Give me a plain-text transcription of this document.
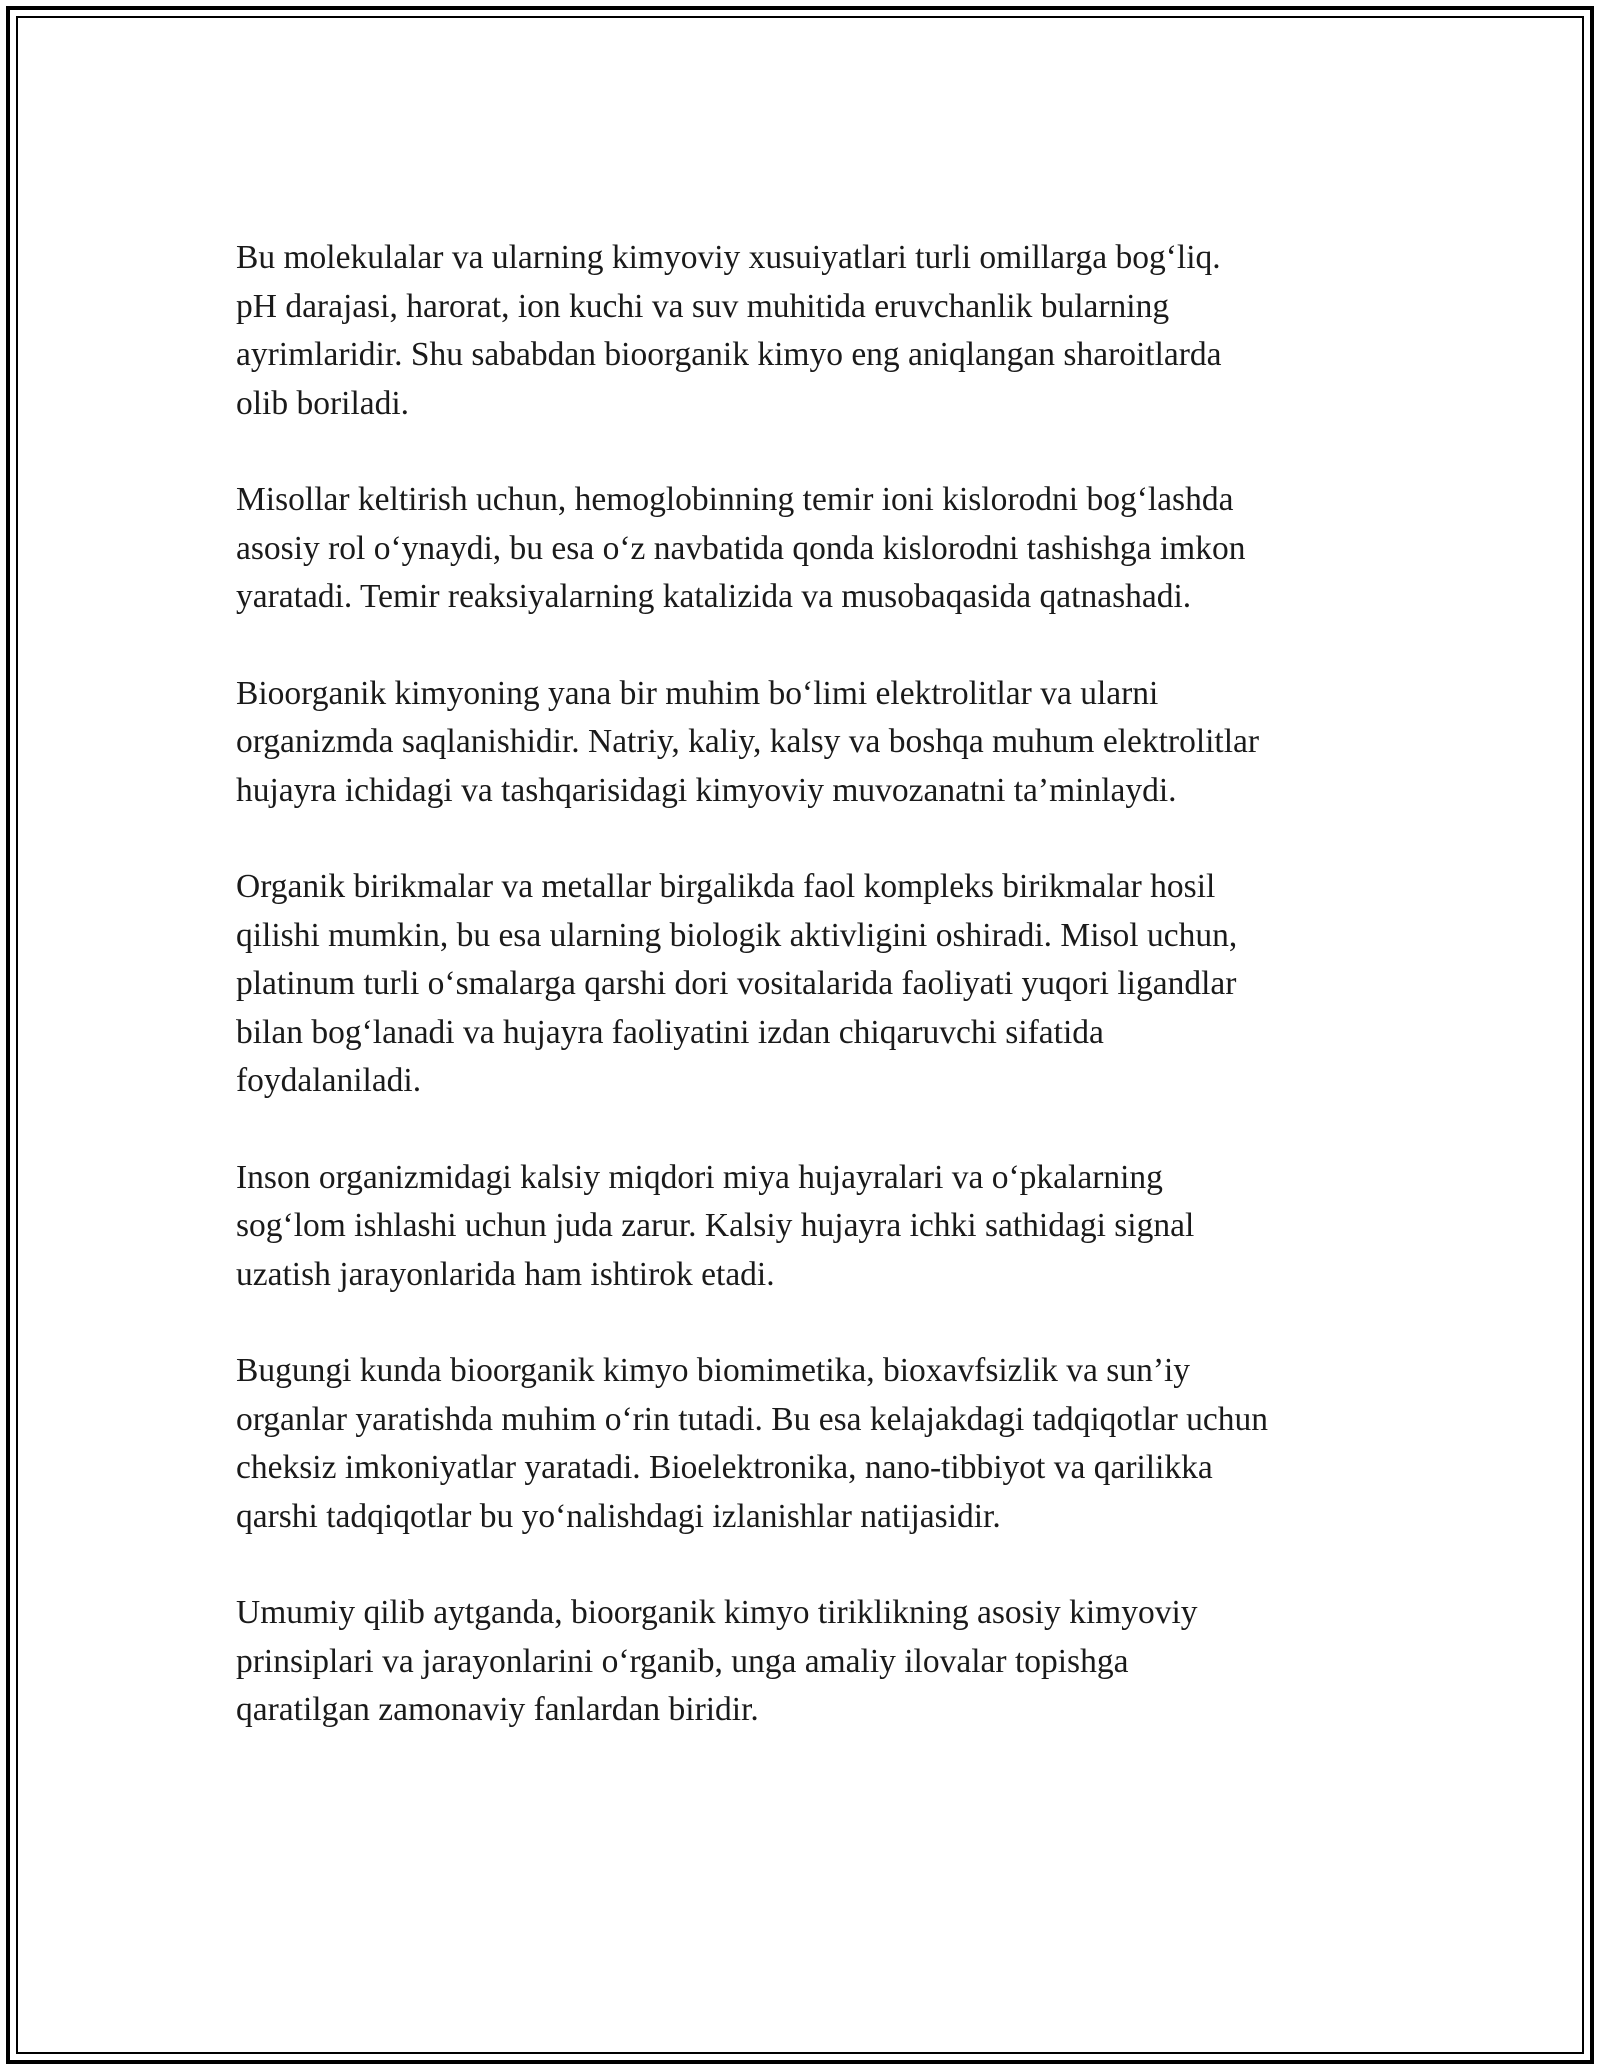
Bu molekulalar va ularning kimyoviy xusuiyatlari turli omillarga bog‘liq.
pH darajasi, harorat, ion kuchi va suv muhitida eruvchanlik bularning
ayrimlaridir. Shu sababdan bioorganik kimyo eng aniqlangan sharoitlarda
olib boriladi.

Misollar keltirish uchun, hemoglobinning temir ioni kislorodni bog‘lashda
asosiy rol o‘ynaydi, bu esa o‘z navbatida qonda kislorodni tashishga imkon
yaratadi. Temir reaksiyalarning katalizida va musobaqasida qatnashadi.

Bioorganik kimyoning yana bir muhim bo‘limi elektrolitlar va ularni
organizmda saqlanishidir. Natriy, kaliy, kalsy va boshqa muhum elektrolitlar
hujayra ichidagi va tashqarisidagi kimyoviy muvozanatni ta’minlaydi.

Organik birikmalar va metallar birgalikda faol kompleks birikmalar hosil
qilishi mumkin, bu esa ularning biologik aktivligini oshiradi. Misol uchun,
platinum turli o‘smalarga qarshi dori vositalarida faoliyati yuqori ligandlar
bilan bog‘lanadi va hujayra faoliyatini izdan chiqaruvchi sifatida
foydalaniladi.

Inson organizmidagi kalsiy miqdori miya hujayralari va o‘pkalarning
sog‘lom ishlashi uchun juda zarur. Kalsiy hujayra ichki sathidagi signal
uzatish jarayonlarida ham ishtirok etadi.

Bugungi kunda bioorganik kimyo biomimetika, bioxavfsizlik va sun’iy
organlar yaratishda muhim o‘rin tutadi. Bu esa kelajakdagi tadqiqotlar uchun
cheksiz imkoniyatlar yaratadi. Bioelektronika, nano-tibbiyot va qarilikka
qarshi tadqiqotlar bu yo‘nalishdagi izlanishlar natijasidir.

Umumiy qilib aytganda, bioorganik kimyo tiriklikning asosiy kimyoviy
prinsiplari va jarayonlarini o‘rganib, unga amaliy ilovalar topishga
qaratilgan zamonaviy fanlardan biridir.
